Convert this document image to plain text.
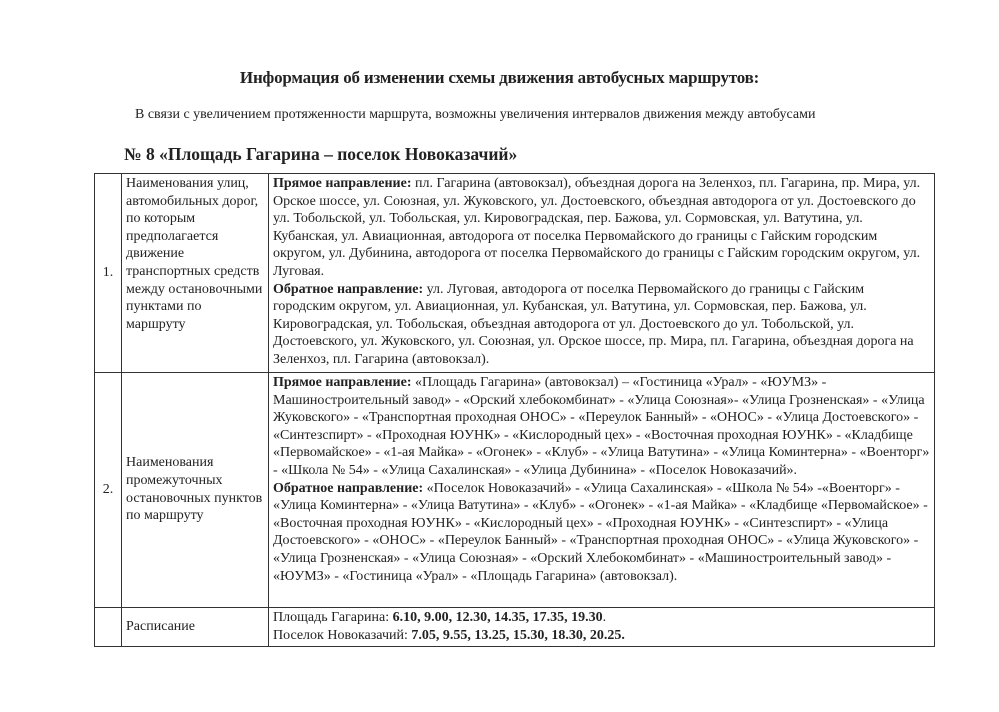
Информация об изменении схемы движения автобусных маршрутов:
В связи с увеличением протяженности маршрута, возможны увеличения интервалов движения между автобусами
№ 8 «Площадь Гагарина – поселок Новоказачий»
1.	Наименования улиц, автомобильных дорог, по которым предполагается движение транспортных средств между остановочными пунктами по маршруту	Прямое направление: пл. Гагарина (автовокзал), объездная дорога на Зеленхоз, пл. Гагарина, пр. Мира, ул. Орское шоссе, ул. Союзная, ул. Жуковского, ул. Достоевского, объездная автодорога от ул. Достоевского до ул. Тобольской, ул. Тобольская, ул. Кировоградская, пер. Бажова, ул. Сормовская, ул. Ватутина, ул. Кубанская, ул. Авиационная, автодорога от поселка Первомайского до границы с Гайским городским округом, ул. Дубинина, автодорога от поселка Первомайского до границы с Гайским городским округом, ул. Луговая.
Обратное направление: ул. Луговая, автодорога от поселка Первомайского до границы с Гайским городским округом, ул. Авиационная, ул. Кубанская, ул. Ватутина, ул. Сормовская, пер. Бажова, ул. Кировоградская, ул. Тобольская, объездная автодорога от ул. Достоевского до ул. Тобольской, ул. Достоевского, ул. Жуковского, ул. Союзная, ул. Орское шоссе, пр. Мира, пл. Гагарина, объездная дорога на Зеленхоз, пл. Гагарина (автовокзал).

2.	Наименования промежуточных остановочных пунктов по маршруту	Прямое направление: «Площадь Гагарина» (автовокзал) – «Гостиница «Урал» - «ЮУМЗ» - Машиностроительный завод» - «Орский хлебокомбинат» - «Улица Союзная»- «Улица Грозненская» - «Улица Жуковского» - «Транспортная проходная ОНОС» - «Переулок Банный» - «ОНОС» - «Улица Достоевского» - «Синтезспирт» - «Проходная ЮУНК» - «Кислородный цех» - «Восточная проходная ЮУНК» - «Кладбище «Первомайское» - «1-ая Майка» - «Огонек» - «Клуб» - «Улица Ватутина» - «Улица Коминтерна» - «Военторг» - «Школа № 54» - «Улица Сахалинская» - «Улица Дубинина» - «Поселок Новоказачий».
Обратное направление: «Поселок Новоказачий» - «Улица Сахалинская» - «Школа № 54» -«Военторг» - «Улица Коминтерна» - «Улица Ватутина» - «Клуб» - «Огонек» - «1-ая Майка» - «Кладбище «Первомайское» - «Восточная проходная ЮУНК» - «Кислородный цех» - «Проходная ЮУНК» - «Синтезспирт» - «Улица Достоевского» - «ОНОС» - «Переулок Банный» - «Транспортная проходная ОНОС» - «Улица Жуковского» - «Улица Грозненская» - «Улица Союзная» - «Орский Хлебокомбинат» - «Машиностроительный завод» - «ЮУМЗ» - «Гостиница «Урал» - «Площадь Гагарина» (автовокзал).

	Расписание	Площадь Гагарина: 6.10, 9.00, 12.30, 14.35, 17.35, 19.30.
Поселок Новоказачий: 7.05, 9.55, 13.25, 15.30, 18.30, 20.25.
